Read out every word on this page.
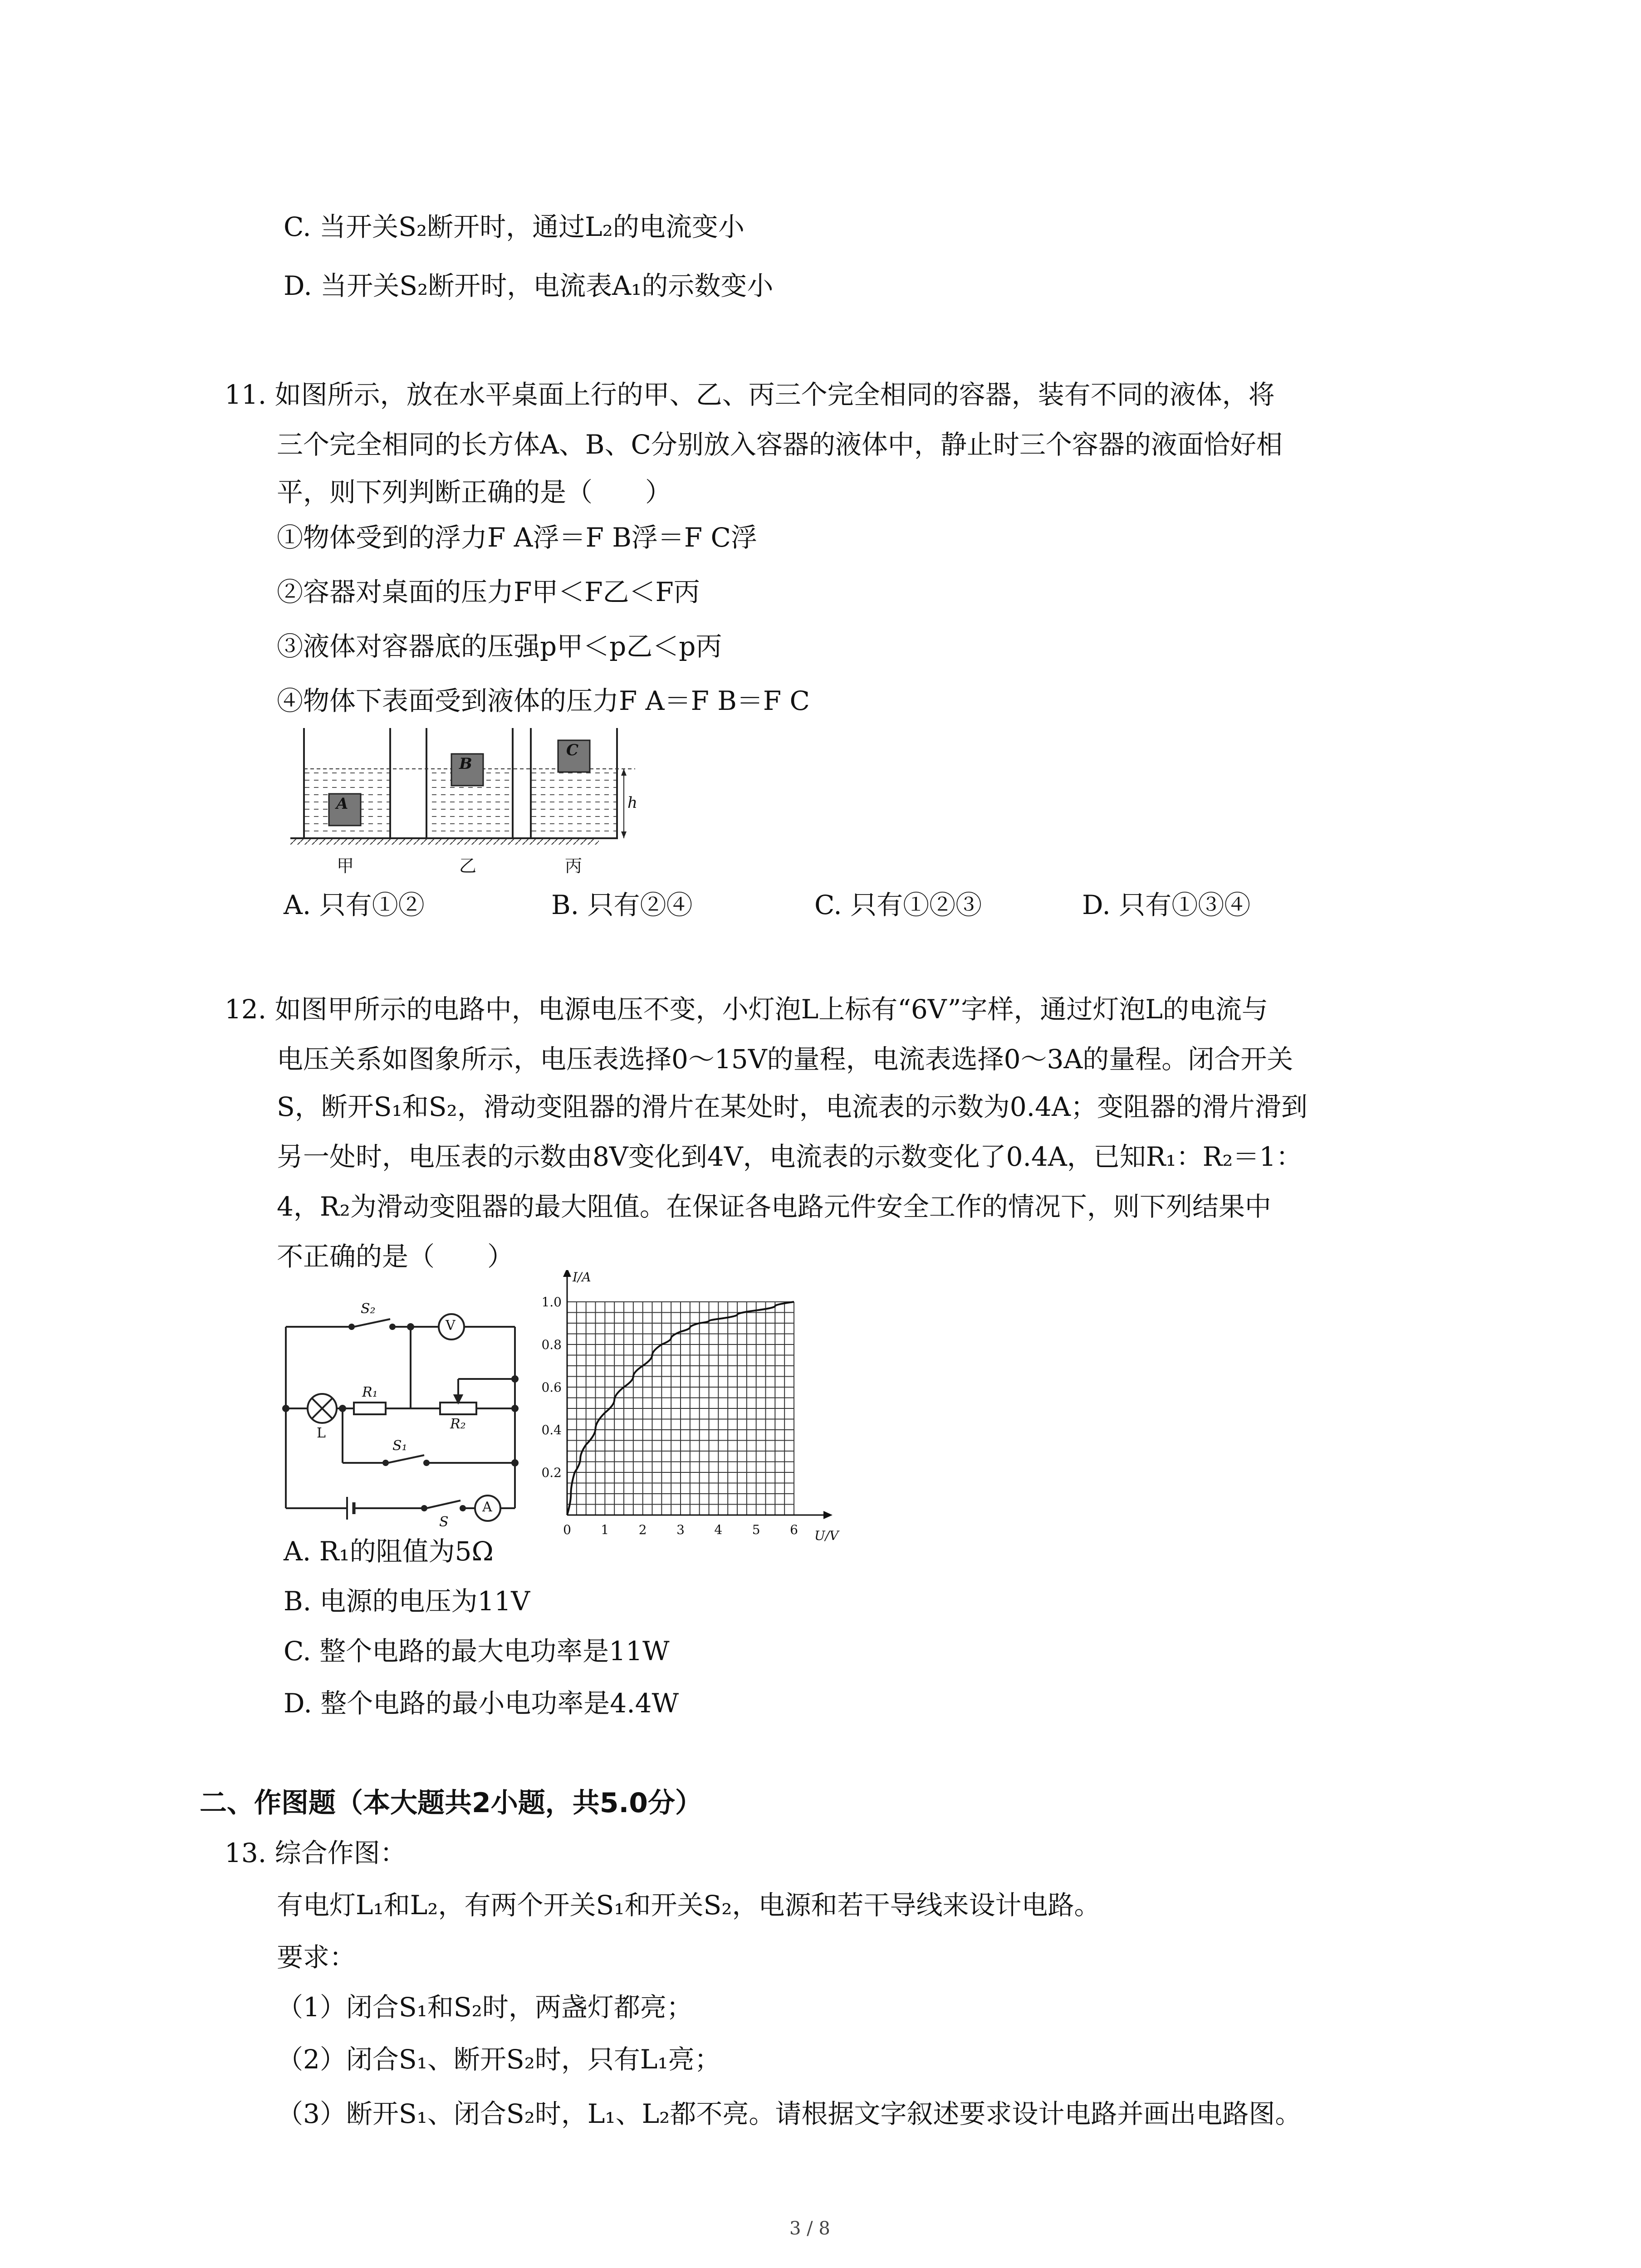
C. 当开关S₂断开时，通过L₂的电流变小
D. 当开关S₂断开时，电流表A₁的示数变小
11. 如图所示，放在水平桌面上行的甲、乙、丙三个完全相同的容器，装有不同的液体，将
三个完全相同的长方体A、B、C分别放入容器的液体中，静止时三个容器的液面恰好相
平，则下列判断正确的是（　　）
①物体受到的浮力F A浮＝F B浮＝F C浮
②容器对桌面的压力F甲＜F乙＜F丙
③液体对容器底的压强p甲＜p乙＜p丙
④物体下表面受到液体的压力F A＝F B＝F C
A
B
C
h
甲	乙	丙
A. 只有①②	B. 只有②④	C. 只有①②③	D. 只有①③④
12. 如图甲所示的电路中，电源电压不变，小灯泡L上标有“6V”字样，通过灯泡L的电流与
电压关系如图象所示，电压表选择0～15V的量程，电流表选择0～3A的量程。闭合开关
S，断开S₁和S₂，滑动变阻器的滑片在某处时，电流表的示数为0.4A；变阻器的滑片滑到
另一处时，电压表的示数由8V变化到4V，电流表的示数变化了0.4A，已知R₁：R₂＝1：
4，R₂为滑动变阻器的最大阻值。在保证各电路元件安全工作的情况下，则下列结果中
不正确的是（　　）
S₂
V
R₁
R₂
L
S₁
S
A
0 1 2 3 4 5 6
0.2
0.4
0.6
0.8
1.0
U/V
I/A
A. R₁的阻值为5Ω
B. 电源的电压为11V
C. 整个电路的最大电功率是11W
D. 整个电路的最小电功率是4.4W
二、作图题（本大题共2小题，共5.0分）
13. 综合作图：
有电灯L₁和L₂，有两个开关S₁和开关S₂，电源和若干导线来设计电路。
要求：
（1）闭合S₁和S₂时，两盏灯都亮；
（2）闭合S₁、断开S₂时，只有L₁亮；
（3）断开S₁、闭合S₂时，L₁、L₂都不亮。请根据文字叙述要求设计电路并画出电路图。
3 / 8
